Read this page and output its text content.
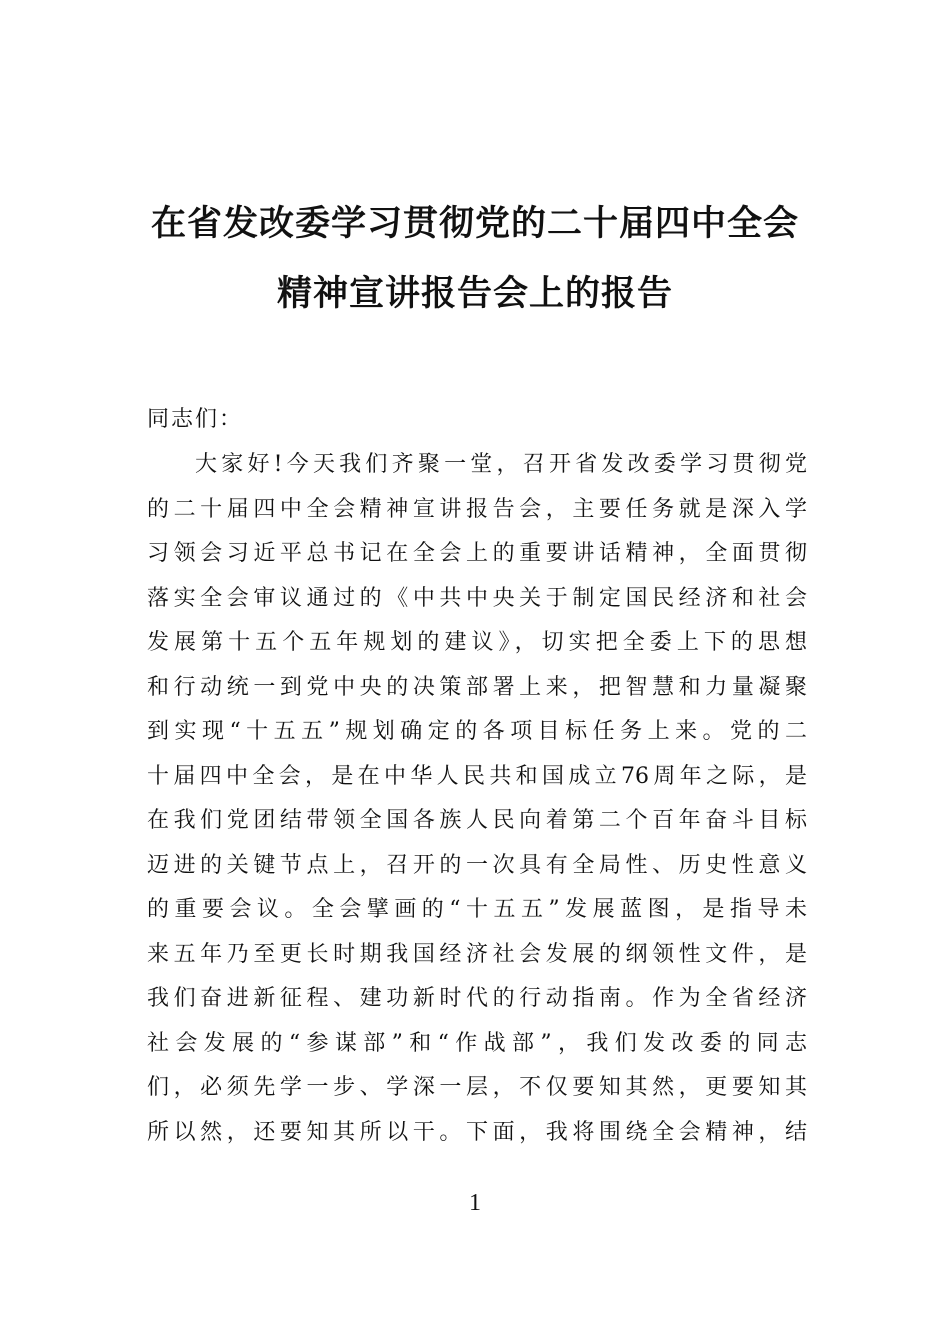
在省发改委学习贯彻党的二十届四中全会
精神宣讲报告会上的报告

同志们：

大家好!今天我们齐聚一堂，召开省发改委学习贯彻党
的二十届四中全会精神宣讲报告会，主要任务就是深入学
习领会习近平总书记在全会上的重要讲话精神，全面贯彻
落实全会审议通过的《中共中央关于制定国民经济和社会
发展第十五个五年规划的建议》，切实把全委上下的思想
和行动统一到党中央的决策部署上来，把智慧和力量凝聚
到实现“十五五”规划确定的各项目标任务上来。党的二
十届四中全会，是在中华人民共和国成立76周年之际，是
在我们党团结带领全国各族人民向着第二个百年奋斗目标
迈进的关键节点上，召开的一次具有全局性、历史性意义
的重要会议。全会擘画的“十五五”发展蓝图，是指导未
来五年乃至更长时期我国经济社会发展的纲领性文件，是
我们奋进新征程、建功新时代的行动指南。作为全省经济
社会发展的“参谋部”和“作战部”，我们发改委的同志
们，必须先学一步、学深一层，不仅要知其然，更要知其
所以然，还要知其所以干。下面，我将围绕全会精神，结

1
